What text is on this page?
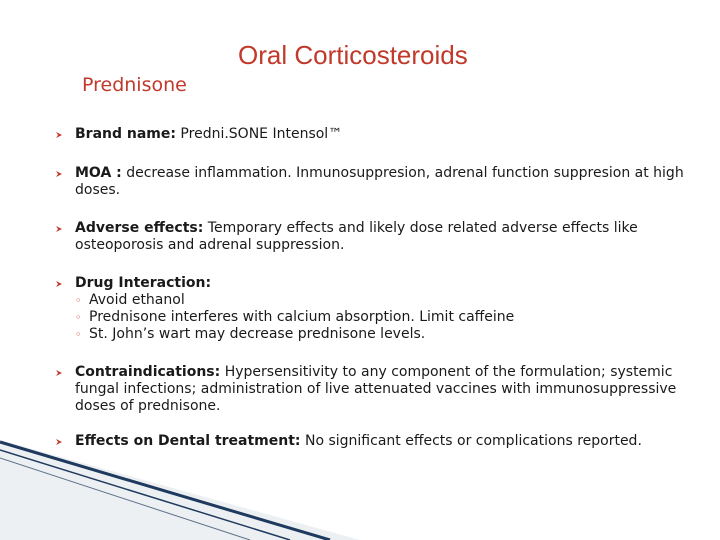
Oral Corticosteroids
Prednisone
Brand name: Predni.SONE Intensol™
MOA : decrease inflammation. Inmunosuppresion, adrenal function suppresion at high doses.
Adverse effects: Temporary effects and likely dose related adverse effects like osteoporosis and adrenal suppression.
Drug Interaction:
◦ Avoid ethanol
◦ Prednisone interferes with calcium absorption. Limit caffeine
◦ St. John’s wart may decrease prednisone levels.
Contraindications: Hypersensitivity to any component of the formulation; systemic fungal infections; administration of live attenuated vaccines with immunosuppressive doses of prednisone.
Effects on Dental treatment: No significant effects or complications reported.
